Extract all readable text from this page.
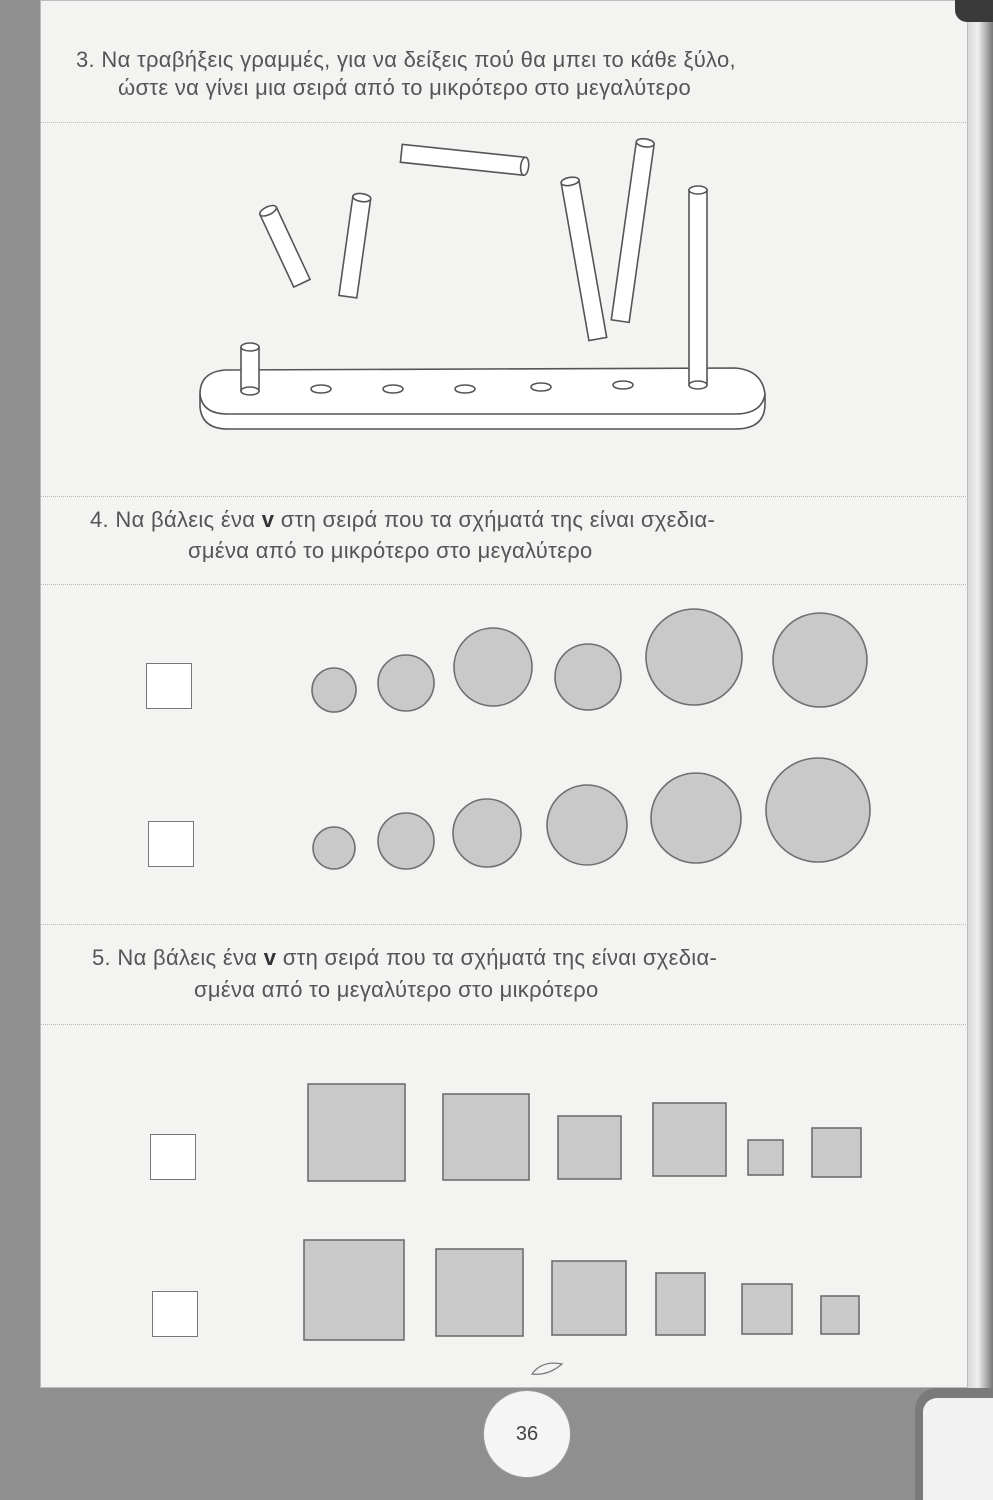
3. Να τραβήξεις γραμμές, για να δείξεις πού θα μπει το κάθε ξύλο,
ώστε να γίνει μια σειρά από το μικρότερο στο μεγαλύτερο
4. Να βάλεις ένα v στη σειρά που τα σχήματά της είναι σχεδια-
σμένα από το μικρότερο στο μεγαλύτερο
5. Να βάλεις ένα v στη σειρά που τα σχήματά της είναι σχεδια-
σμένα από το μεγαλύτερο στο μικρότερο
36
